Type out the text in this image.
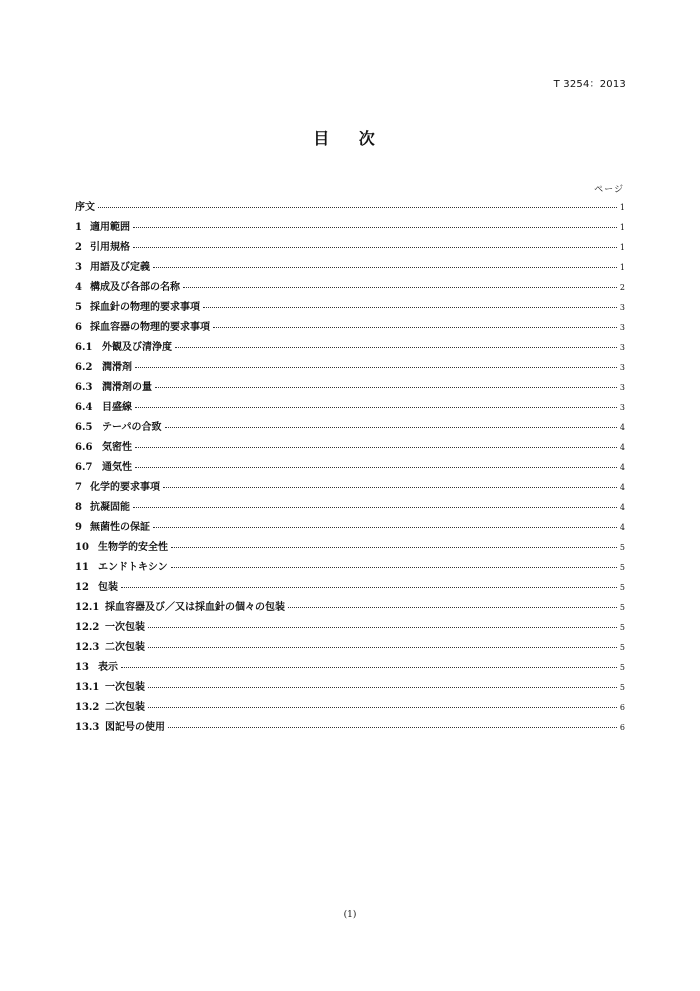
T 3254：2013
目 次
ページ
序文	1
1 適用範囲	1
2 引用規格	1
3 用語及び定義	1
4 構成及び各部の名称	2
5 採血針の物理的要求事項	3
6 採血容器の物理的要求事項	3
6.1 外観及び清浄度	3
6.2 潤滑剤	3
6.3 潤滑剤の量	3
6.4 目盛線	3
6.5 テーパの合致	4
6.6 気密性	4
6.7 通気性	4
7 化学的要求事項	4
8 抗凝固能	4
9 無菌性の保証	4
10 生物学的安全性	5
11 エンドトキシン	5
12 包装	5
12.1 採血容器及び／又は採血針の個々の包装	5
12.2 一次包装	5
12.3 二次包装	5
13 表示	5
13.1 一次包装	5
13.2 二次包装	6
13.3 図記号の使用	6
(1)
